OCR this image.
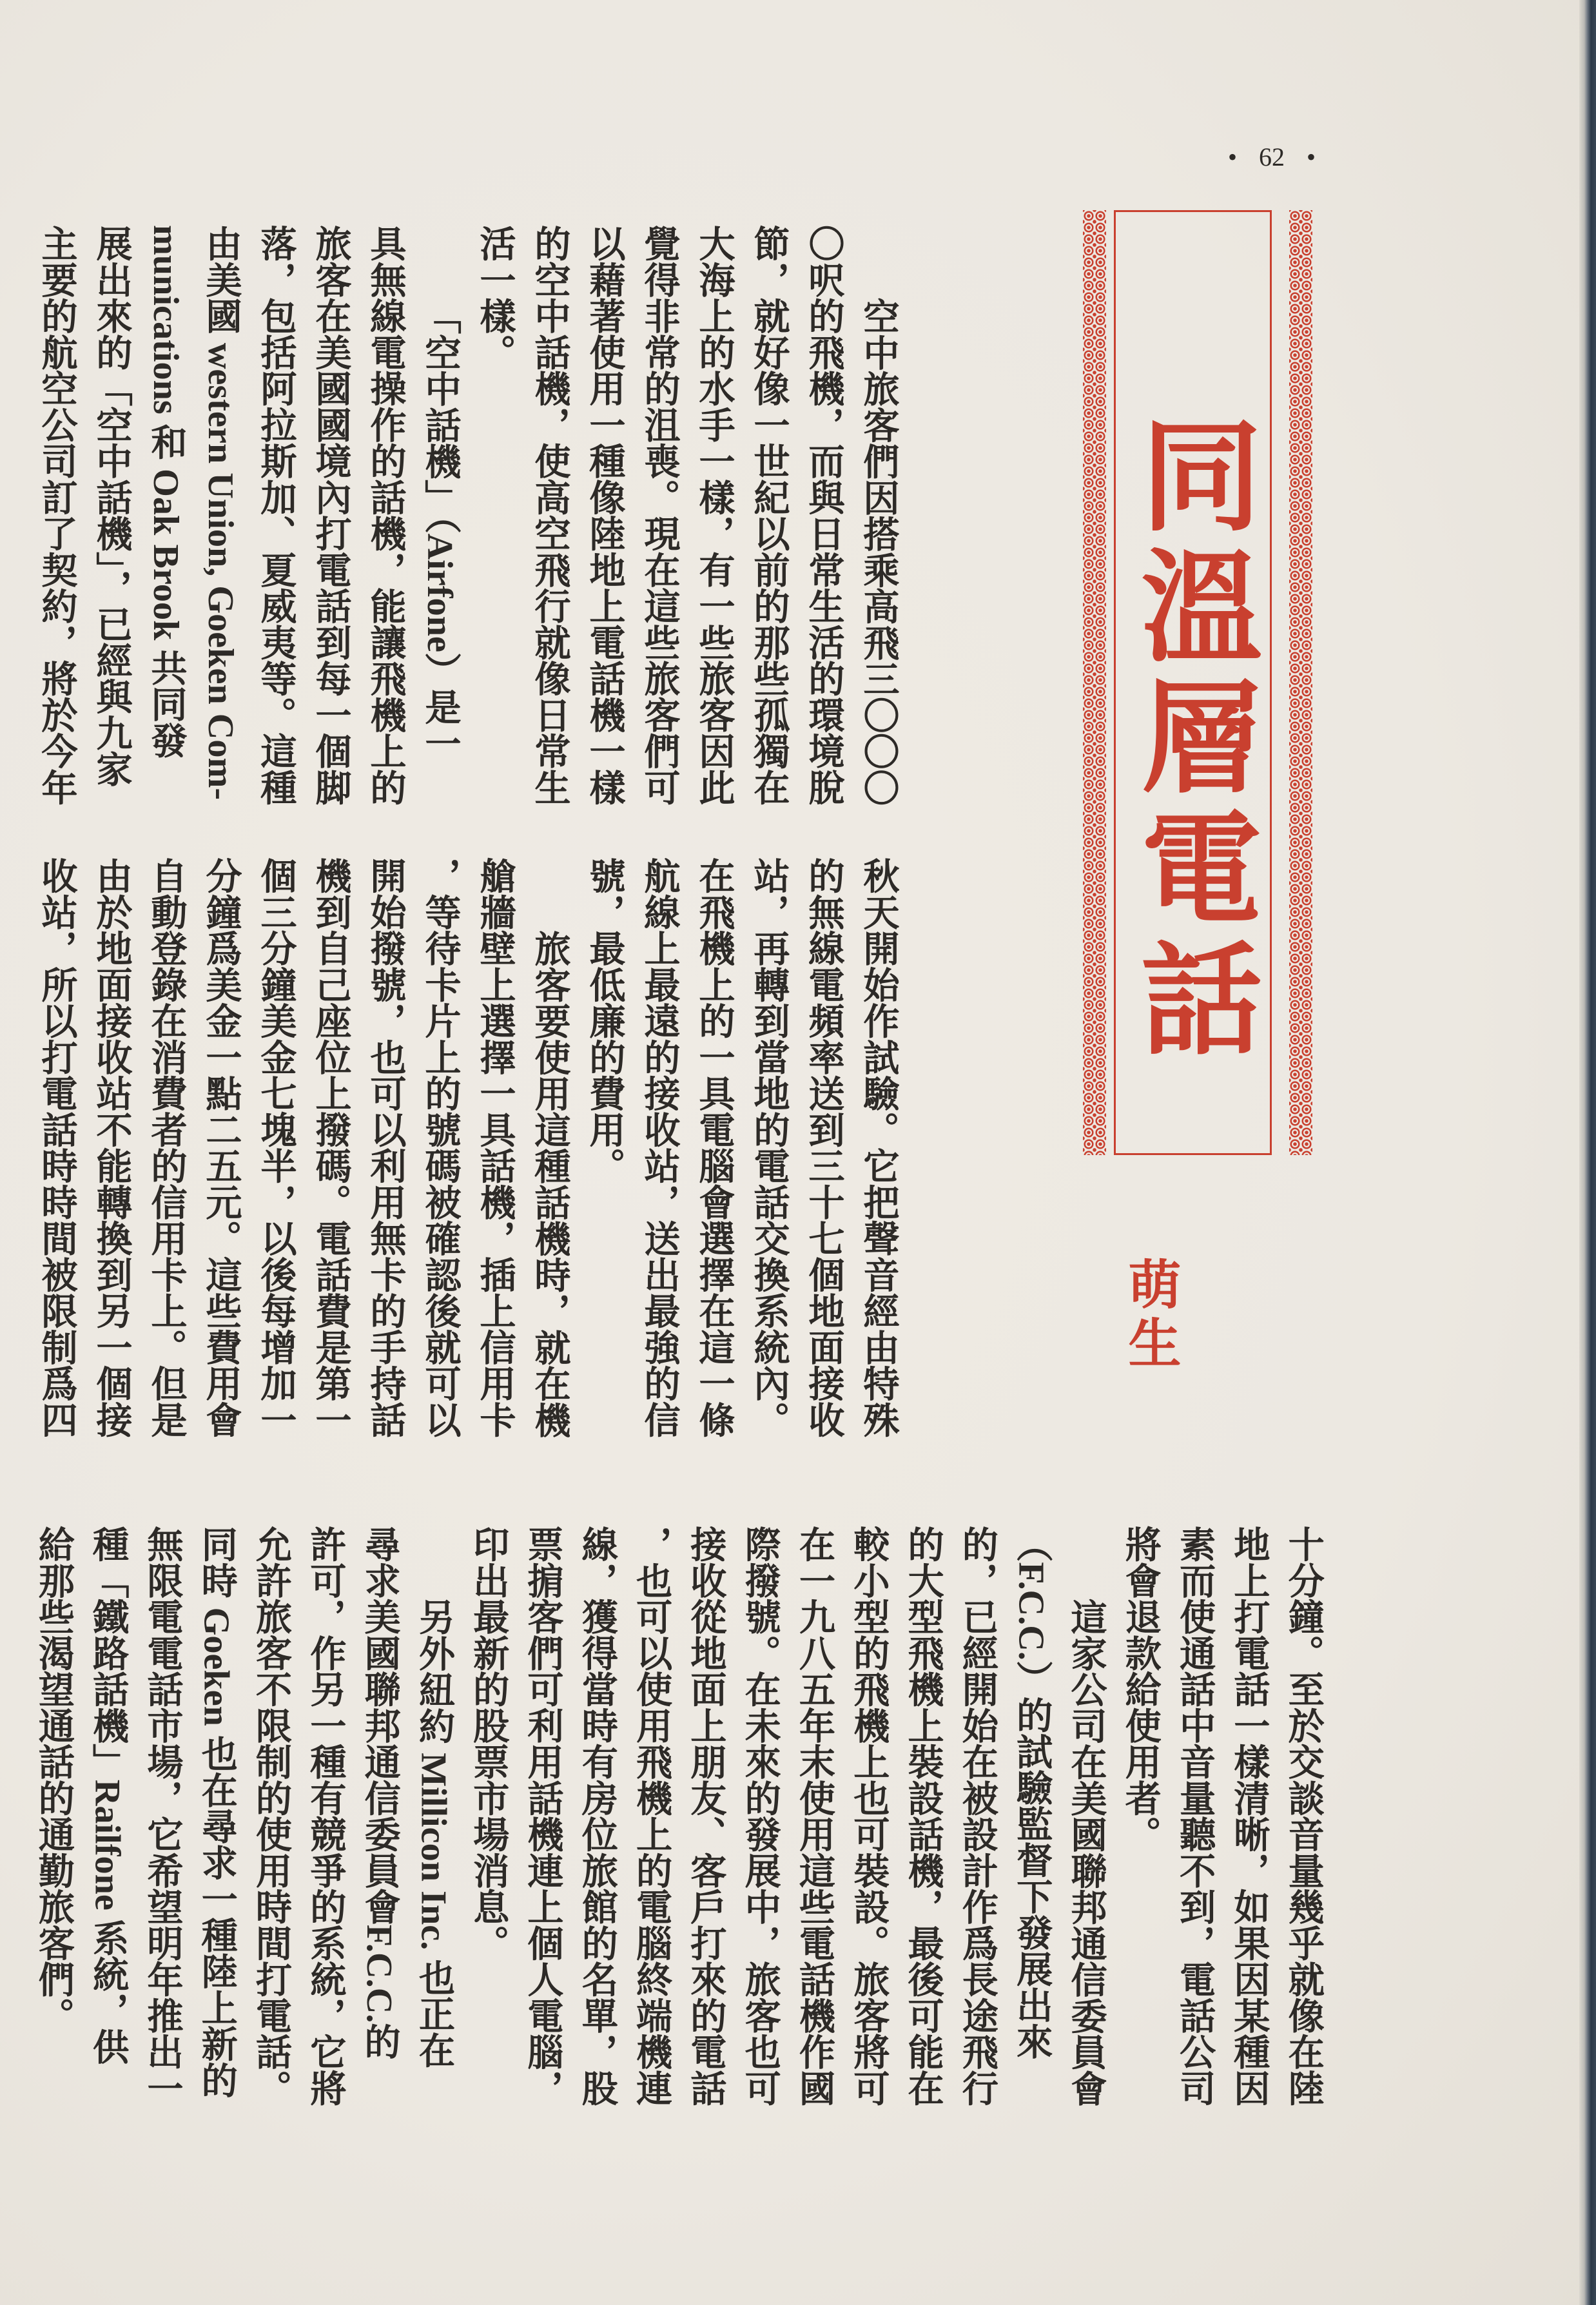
• 62 •
同溫層電話
萌生
空中旅客們因搭乘高飛三〇〇〇
〇呎的飛機，而與日常生活的環境脫
節，就好像一世紀以前的那些孤獨在
大海上的水手一樣，有一些旅客因此
覺得非常的沮喪。現在這些旅客們可
以藉著使用一種像陸地上電話機一樣
的空中話機，使高空飛行就像日常生
活一樣。
「空中話機」（Airfone）是一
具無線電操作的話機，能讓飛機上的
旅客在美國國境內打電話到每一個脚
落，包括阿拉斯加、夏威夷等。這種
由美國 western Union, Goeken Com-
munications 和 Oak Brook 共同發
展出來的「空中話機」，已經與九家
主要的航空公司訂了契約，將於今年
秋天開始作試驗。它把聲音經由特殊
的無線電頻率送到三十七個地面接收
站，再轉到當地的電話交換系統內。
在飛機上的一具電腦會選擇在這一條
航線上最遠的接收站，送出最強的信
號，最低廉的費用。
旅客要使用這種話機時，就在機
艙牆壁上選擇一具話機，插上信用卡
，等待卡片上的號碼被確認後就可以
開始撥號，也可以利用無卡的手持話
機到自己座位上撥碼。電話費是第一
個三分鐘美金七塊半，以後每增加一
分鐘爲美金一點二五元。這些費用會
自動登錄在消費者的信用卡上。但是
由於地面接收站不能轉換到另一個接
收站，所以打電話時時間被限制爲四
十分鐘。至於交談音量幾乎就像在陸
地上打電話一樣清晰，如果因某種因
素而使通話中音量聽不到，電話公司
將會退款給使用者。
這家公司在美國聯邦通信委員會
（F.C.C.）的試驗監督下發展出來
的，已經開始在被設計作爲長途飛行
的大型飛機上裝設話機，最後可能在
較小型的飛機上也可裝設。旅客將可
在一九八五年末使用這些電話機作國
際撥號。在未來的發展中，旅客也可
接收從地面上朋友、客戶打來的電話
，也可以使用飛機上的電腦終端機連
線，獲得當時有房位旅館的名單，股
票掮客們可利用話機連上個人電腦，
印出最新的股票市場消息。
另外紐約 Millicon Inc. 也正在
尋求美國聯邦通信委員會F.C.C.的
許可，作另一種有競爭的系統，它將
允許旅客不限制的使用時間打電話。
同時 Goeken 也在尋求一種陸上新的
無限電電話市場，它希望明年推出一
種「鐵路話機」Railfone 系統，供
給那些渴望通話的通勤旅客們。
